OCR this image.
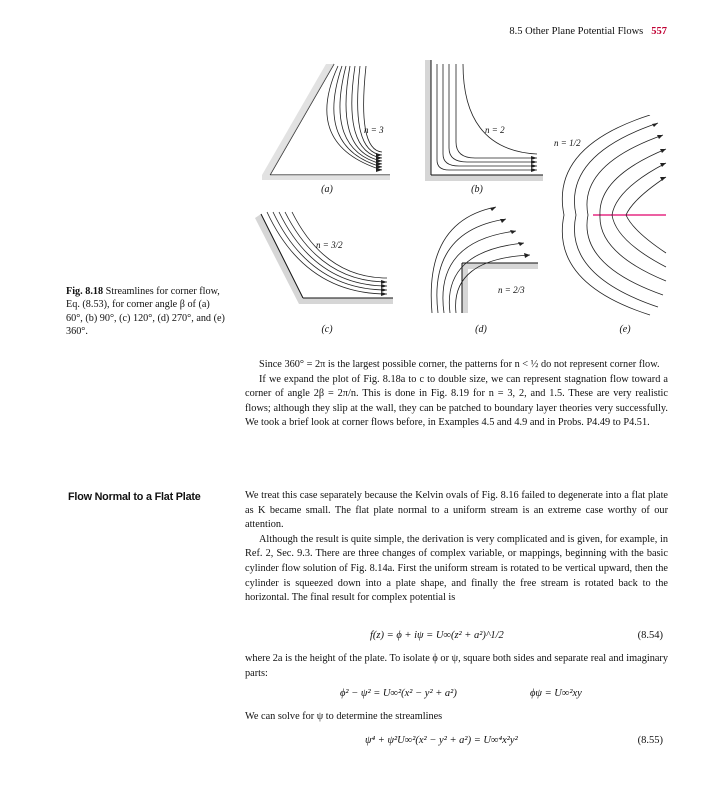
8.5 Other Plane Potential Flows 557
n = 3
(a)
n = 2
(b)
n = 3/2
(c)
n = 2/3
(d)
n = 1/2
(e)
Fig. 8.18 Streamlines for corner flow, Eq. (8.53), for corner angle β of (a) 60°, (b) 90°, (c) 120°, (d) 270°, and (e) 360°.

Since 360° = 2π is the largest possible corner, the patterns for n < ½ do not represent corner flow.

If we expand the plot of Fig. 8.18a to c to double size, we can represent stagnation flow toward a corner of angle 2β = 2π/n. This is done in Fig. 8.19 for n = 3, 2, and 1.5. These are very realistic flows; although they slip at the wall, they can be patched to boundary layer theories very successfully. We took a brief look at corner flows before, in Examples 4.5 and 4.9 and in Probs. P4.49 to P4.51.

Flow Normal to a Flat Plate	We treat this case separately because the Kelvin ovals of Fig. 8.16 failed to degenerate into a flat plate as K became small. The flat plate normal to a uniform stream is an extreme case worthy of our attention.

Although the result is quite simple, the derivation is very complicated and is given, for example, in Ref. 2, Sec. 9.3. There are three changes of complex variable, or mappings, beginning with the basic cylinder flow solution of Fig. 8.14a. First the uniform stream is rotated to be vertical upward, then the cylinder is squeezed down into a plate shape, and finally the free stream is rotated back to the horizontal. The final result for complex potential is

f(z) = ϕ + iψ = U∞(z² + a²)^1/2	(8.54)
where 2a is the height of the plate. To isolate ϕ or ψ, square both sides and separate real and imaginary parts:
ϕ² − ψ² = U∞²(x² − y² + a²)	ϕψ = U∞²xy
We can solve for ψ to determine the streamlines
ψ⁴ + ψ²U∞²(x² − y² + a²) = U∞⁴x²y²	(8.55)
